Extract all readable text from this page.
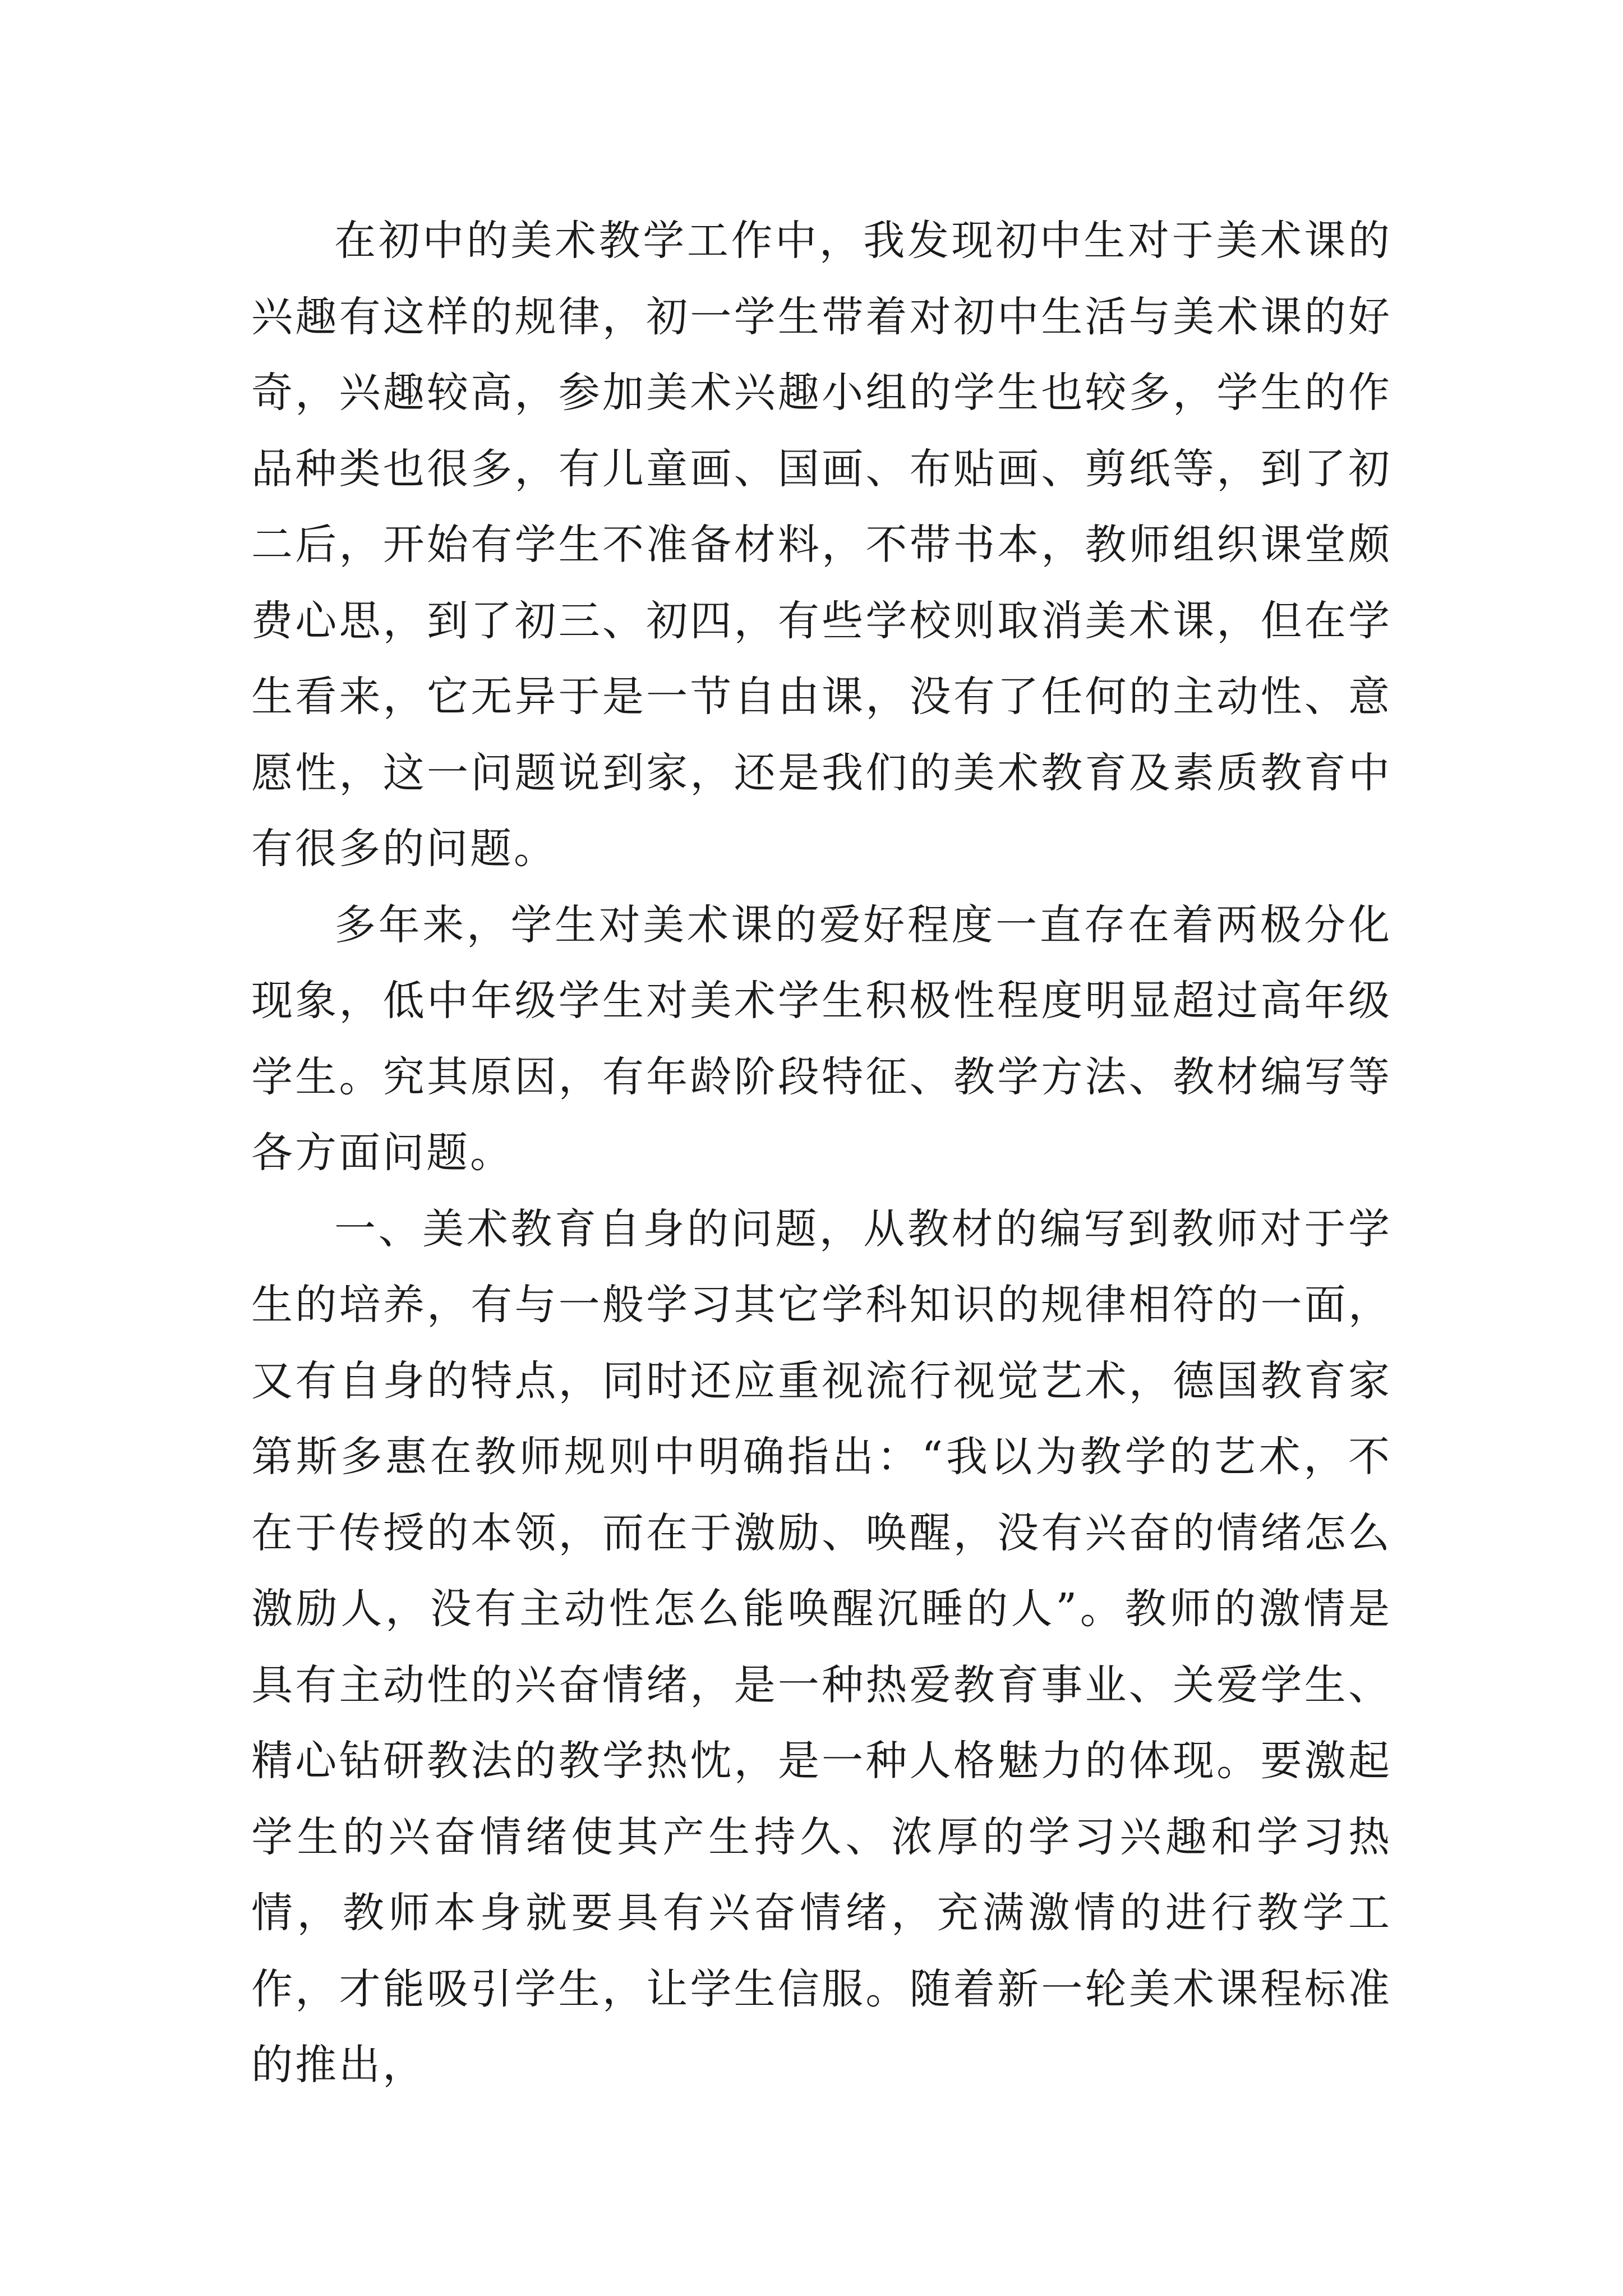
在初中的美术教学工作中，我发现初中生对于美术课的兴趣有这样的规律，初一学生带着对初中生活与美术课的好奇，兴趣较高，参加美术兴趣小组的学生也较多，学生的作品种类也很多，有儿童画、国画、布贴画、剪纸等，到了初二后，开始有学生不准备材料，不带书本，教师组织课堂颇费心思，到了初三、初四，有些学校则取消美术课，但在学生看来，它无异于是一节自由课，没有了任何的主动性、意愿性，这一问题说到家，还是我们的美术教育及素质教育中有很多的问题。

多年来，学生对美术课的爱好程度一直存在着两极分化现象，低中年级学生对美术学生积极性程度明显超过高年级学生。究其原因，有年龄阶段特征、教学方法、教材编写等各方面问题。

一、美术教育自身的问题，从教材的编写到教师对于学生的培养，有与一般学习其它学科知识的规律相符的一面，又有自身的特点，同时还应重视流行视觉艺术，德国教育家第斯多惠在教师规则中明确指出：“我以为教学的艺术，不在于传授的本领，而在于激励、唤醒，没有兴奋的情绪怎么激励人，没有主动性怎么能唤醒沉睡的人”。教师的激情是具有主动性的兴奋情绪，是一种热爱教育事业、关爱学生、精心钻研教法的教学热忱，是一种人格魅力的体现。要激起学生的兴奋情绪使其产生持久、浓厚的学习兴趣和学习热情，教师本身就要具有兴奋情绪，充满激情的进行教学工作，才能吸引学生，让学生信服。随着新一轮美术课程标准的推出，
